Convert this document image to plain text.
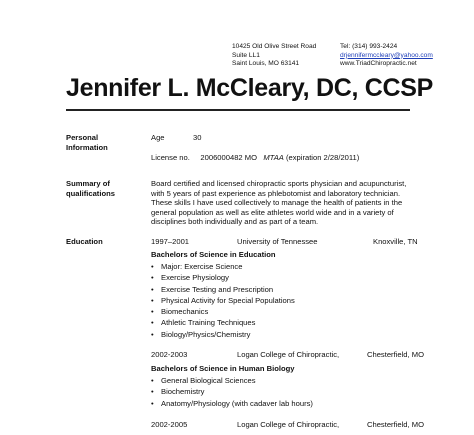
10425 Old Olive Street Road
Suite LL1
Saint Louis, MO 63141
Tel: (314) 993-2424
drjennifermccleary@yahoo.com
www.TriadChiropractic.net
Jennifer L. McCleary, DC, CCSP
Personal
Information
Age	30
License no. 2006000482 MO MTAA (expiration 2/28/2011)
Summary of
qualifications
Board certified and licensed chiropractic sports physician and acupuncturist,
with 5 years of past experience as phlebotomist and laboratory technician.
These skills I have used collectively to manage the health of patients in the
general population as well as elite athletes world wide and in a variety of
disciplines both individually and as part of a team.
Education	1997–2001	University of Tennessee	Knoxville, TN
Bachelors of Science in Education
• Major: Exercise Science
• Exercise Physiology
• Exercise Testing and Prescription
• Physical Activity for Special Populations
• Biomechanics
• Athletic Training Techniques
• Biology/Physics/Chemistry
2002-2003	Logan College of Chiropractic,	Chesterfield, MO
Bachelors of Science in Human Biology
• General Biological Sciences
• Biochemistry
• Anatomy/Physiology (with cadaver lab hours)
2002-2005	Logan College of Chiropractic,	Chesterfield, MO
